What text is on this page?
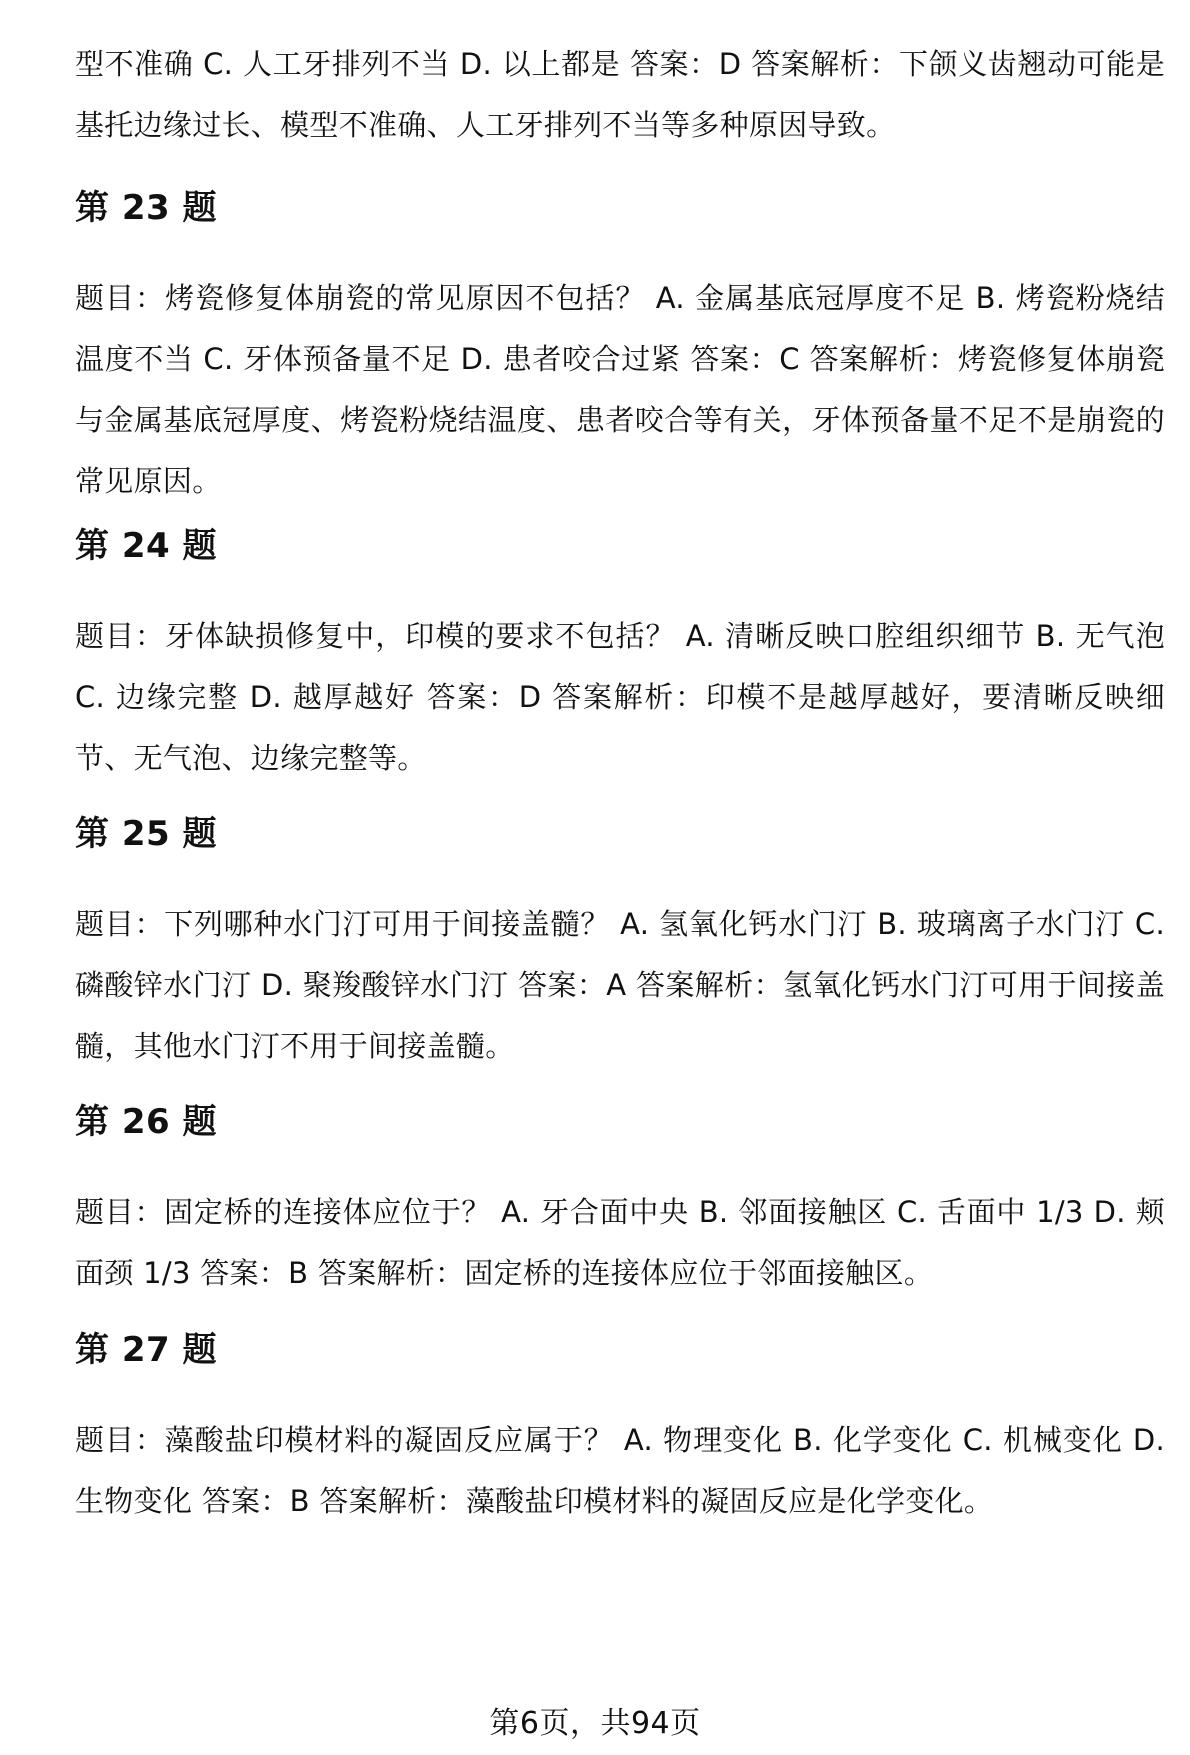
型不准确 C. 人工牙排列不当 D. 以上都是 答案：D 答案解析：下颌义齿翘动可能是基托边缘过长、模型不准确、人工牙排列不当等多种原因导致。

第 23 题

题目：烤瓷修复体崩瓷的常见原因不包括？ A. 金属基底冠厚度不足 B. 烤瓷粉烧结温度不当 C. 牙体预备量不足 D. 患者咬合过紧 答案：C 答案解析：烤瓷修复体崩瓷与金属基底冠厚度、烤瓷粉烧结温度、患者咬合等有关，牙体预备量不足不是崩瓷的常见原因。

第 24 题

题目：牙体缺损修复中，印模的要求不包括？ A. 清晰反映口腔组织细节 B. 无气泡 C. 边缘完整 D. 越厚越好 答案：D 答案解析：印模不是越厚越好，要清晰反映细节、无气泡、边缘完整等。

第 25 题

题目：下列哪种水门汀可用于间接盖髓？ A. 氢氧化钙水门汀 B. 玻璃离子水门汀 C. 磷酸锌水门汀 D. 聚羧酸锌水门汀 答案：A 答案解析：氢氧化钙水门汀可用于间接盖髓，其他水门汀不用于间接盖髓。

第 26 题

题目：固定桥的连接体应位于？ A. 牙合面中央 B. 邻面接触区 C. 舌面中 1/3 D. 颊面颈 1/3 答案：B 答案解析：固定桥的连接体应位于邻面接触区。

第 27 题

题目：藻酸盐印模材料的凝固反应属于？ A. 物理变化 B. 化学变化 C. 机械变化 D. 生物变化 答案：B 答案解析：藻酸盐印模材料的凝固反应是化学变化。

第6页，共94页
